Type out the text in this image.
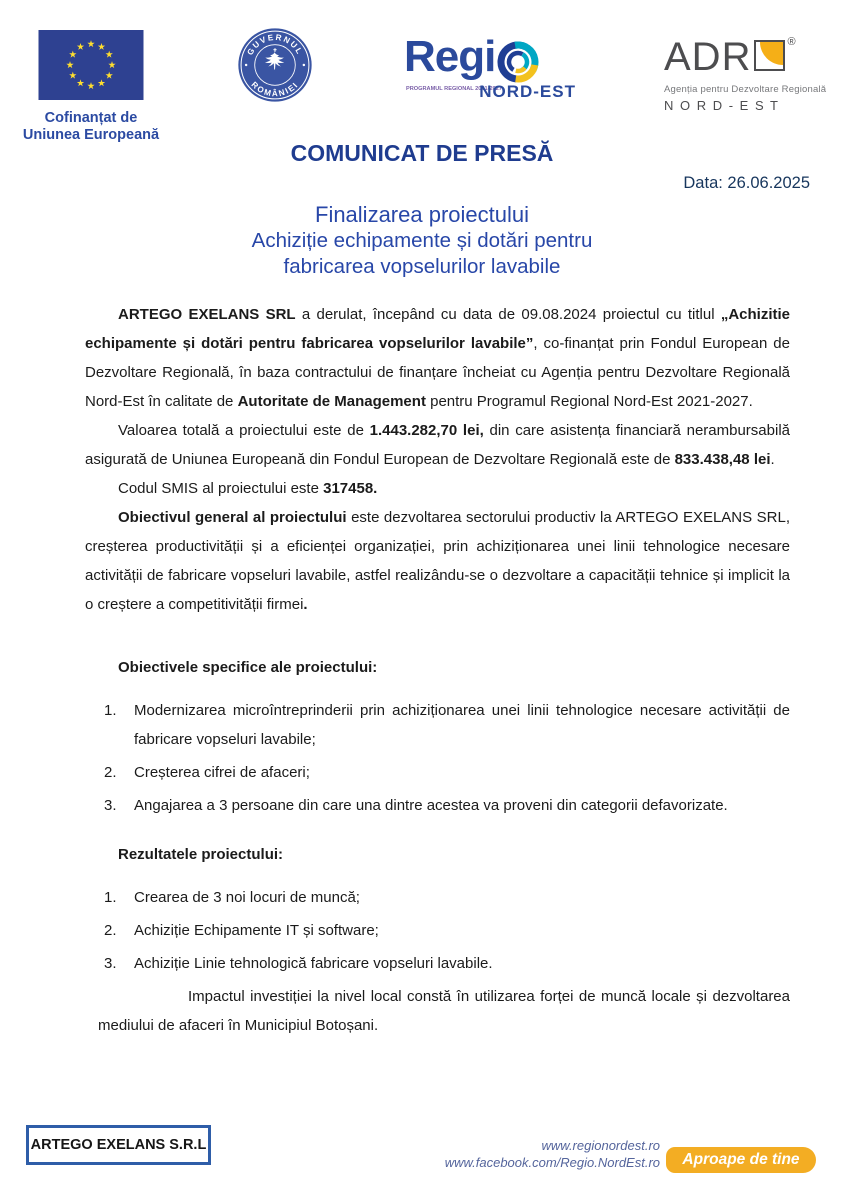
Cofinanțat de
Uniunea Europeană
GUVERNUL
ROMÂNIEI
Regi
PROGRAMUL REGIONAL 2021-2027
NORD-EST
ADR	®
Agenția pentru Dezvoltare Regională
N O R D - E S T
COMUNICAT DE PRESĂ
Data: 26.06.2025
Finalizarea proiectului
Achiziție echipamente și dotări pentru
fabricarea vopselurilor lavabile

ARTEGO EXELANS SRL a derulat, începând cu data de 09.08.2024 proiectul cu titlul „Achizitie echipamente și dotări pentru fabricarea vopselurilor lavabile”, co-finanțat prin Fondul European de Dezvoltare Regională, în baza contractului de finanțare încheiat cu Agenția pentru Dezvoltare Regională Nord-Est în calitate de Autoritate de Management pentru Programul Regional Nord-Est 2021-2027.

Valoarea totală a proiectului este de 1.443.282,70 lei, din care asistența financiară nerambursabilă asigurată de Uniunea Europeană din Fondul European de Dezvoltare Regională este de 833.438,48 lei.

Codul SMIS al proiectului este 317458.

Obiectivul general al proiectului este dezvoltarea sectorului productiv la ARTEGO EXELANS SRL, creșterea productivității și a eficienței organizației, prin achiziționarea unei linii tehnologice necesare activității de fabricare vopseluri lavabile, astfel realizându-se o dezvoltare a capacității tehnice și implicit la o creștere a competitivității firmei.

Obiectivele specifice ale proiectului:

1.	Modernizarea microîntreprinderii prin achiziționarea unei linii tehnologice necesare activității de fabricare vopseluri lavabile;
2.	Creșterea cifrei de afaceri;
3.	Angajarea a 3 persoane din care una dintre acestea va proveni din categorii defavorizate.

Rezultatele proiectului:

1.	Crearea de 3 noi locuri de muncă;
2.	Achiziție Echipamente IT și software;
3.	Achiziție Linie tehnologică fabricare vopseluri lavabile.

Impactul investiției la nivel local constă în utilizarea forței de muncă locale și dezvoltarea mediului de afaceri în Municipiul Botoșani.

ARTEGO EXELANS S.R.L	www.regionordest.ro
www.facebook.com/Regio.NordEst.ro	Aproape de tine
